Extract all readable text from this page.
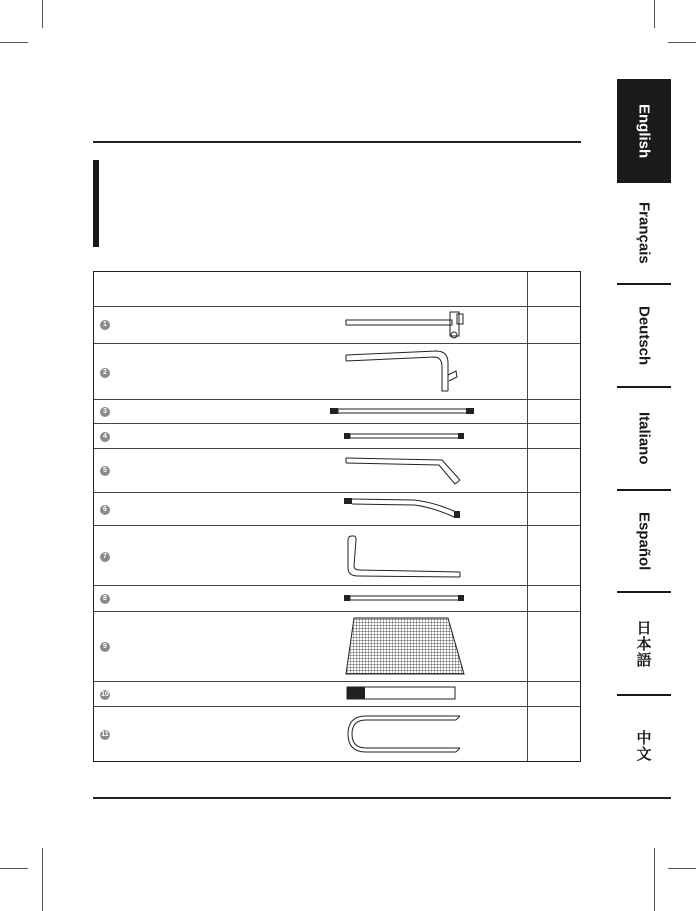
1
2
3
4
5
6
7
8
9
10
11
English
Français
Deutsch
Italiano
Español
日本語
中文
